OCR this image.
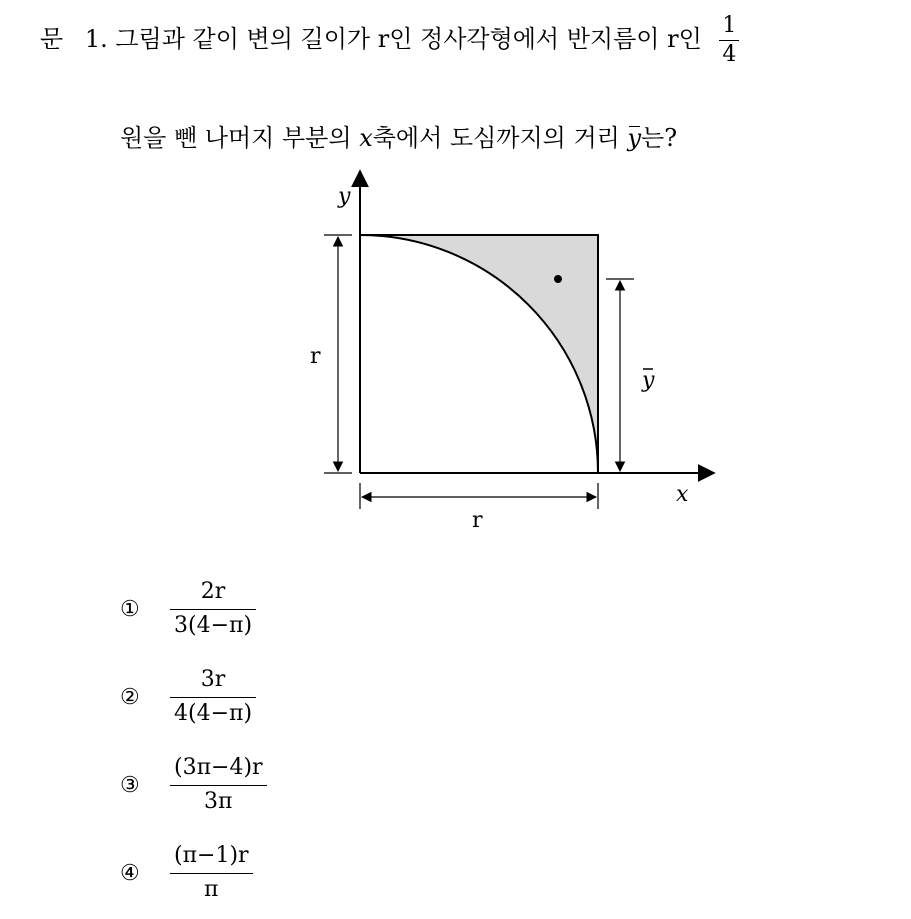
문 1. 그림과 같이 변의 길이가 r인 정사각형에서 반지름이 r인 $\frac{1}{4}$
원을 뺀 나머지 부분의 x축에서 도심까지의 거리 y는?
y
x
r
r
y
①	$\frac{2r}{3(4-\pi)}$
②	$\frac{3r}{4(4-\pi)}$
③	$\frac{(3\pi-4)r}{3\pi}$
④	$\frac{(\pi-1)r}{\pi}$
